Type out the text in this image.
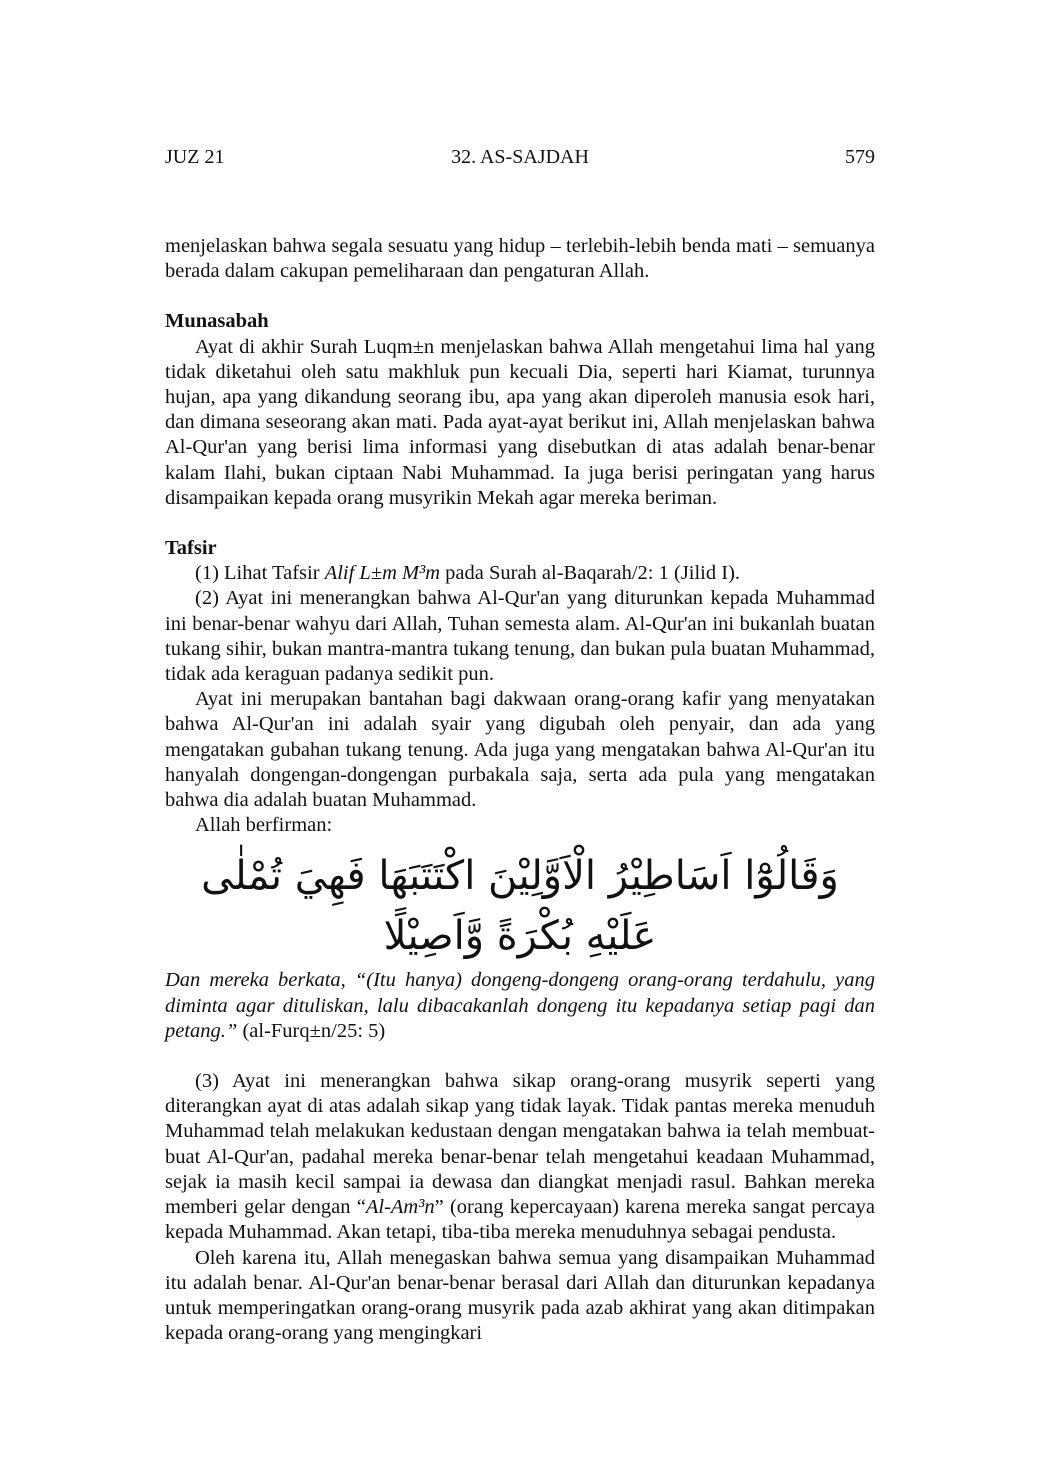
JUZ 21	32. AS-SAJDAH	579

menjelaskan bahwa segala sesuatu yang hidup – terlebih-lebih benda mati – semuanya berada dalam cakupan pemeliharaan dan pengaturan Allah.

Munasabah

Ayat di akhir Surah Luqm±n menjelaskan bahwa Allah mengetahui lima hal yang tidak diketahui oleh satu makhluk pun kecuali Dia, seperti hari Kiamat, turunnya hujan, apa yang dikandung seorang ibu, apa yang akan diperoleh manusia esok hari, dan dimana seseorang akan mati. Pada ayat-ayat berikut ini, Allah menjelaskan bahwa Al-Qur'an yang berisi lima informasi yang disebutkan di atas adalah benar-benar kalam Ilahi, bukan ciptaan Nabi Muhammad. Ia juga berisi peringatan yang harus disampaikan kepada orang musyrikin Mekah agar mereka beriman.

Tafsir

(1) Lihat Tafsir Alif L±m M³m pada Surah al-Baqarah/2: 1 (Jilid I).

(2) Ayat ini menerangkan bahwa Al-Qur'an yang diturunkan kepada Muhammad ini benar-benar wahyu dari Allah, Tuhan semesta alam. Al-Qur'an ini bukanlah buatan tukang sihir, bukan mantra-mantra tukang tenung, dan bukan pula buatan Muhammad, tidak ada keraguan padanya sedikit pun.

Ayat ini merupakan bantahan bagi dakwaan orang-orang kafir yang menyatakan bahwa Al-Qur'an ini adalah syair yang digubah oleh penyair, dan ada yang mengatakan gubahan tukang tenung. Ada juga yang mengatakan bahwa Al-Qur'an itu hanyalah dongengan-dongengan purbakala saja, serta ada pula yang mengatakan bahwa dia adalah buatan Muhammad.

Allah berfirman:

وَقَالُوْٓا اَسَاطِيْرُ الْاَوَّلِيْنَ اكْتَتَبَهَا فَهِيَ تُمْلٰى عَلَيْهِ بُكْرَةً وَّاَصِيْلًا

Dan mereka berkata, “(Itu hanya) dongeng-dongeng orang-orang terdahulu, yang diminta agar dituliskan, lalu dibacakanlah dongeng itu kepadanya setiap pagi dan petang.” (al-Furq±n/25: 5)

(3) Ayat ini menerangkan bahwa sikap orang-orang musyrik seperti yang diterangkan ayat di atas adalah sikap yang tidak layak. Tidak pantas mereka menuduh Muhammad telah melakukan kedustaan dengan mengatakan bahwa ia telah membuat-buat Al-Qur'an, padahal mereka benar-benar telah mengetahui keadaan Muhammad, sejak ia masih kecil sampai ia dewasa dan diangkat menjadi rasul. Bahkan mereka memberi gelar dengan “Al-Am³n” (orang kepercayaan) karena mereka sangat percaya kepada Muhammad. Akan tetapi, tiba-tiba mereka menuduhnya sebagai pendusta.

Oleh karena itu, Allah menegaskan bahwa semua yang disampaikan Muhammad itu adalah benar. Al-Qur'an benar-benar berasal dari Allah dan diturunkan kepadanya untuk memperingatkan orang-orang musyrik pada azab akhirat yang akan ditimpakan kepada orang-orang yang mengingkari
